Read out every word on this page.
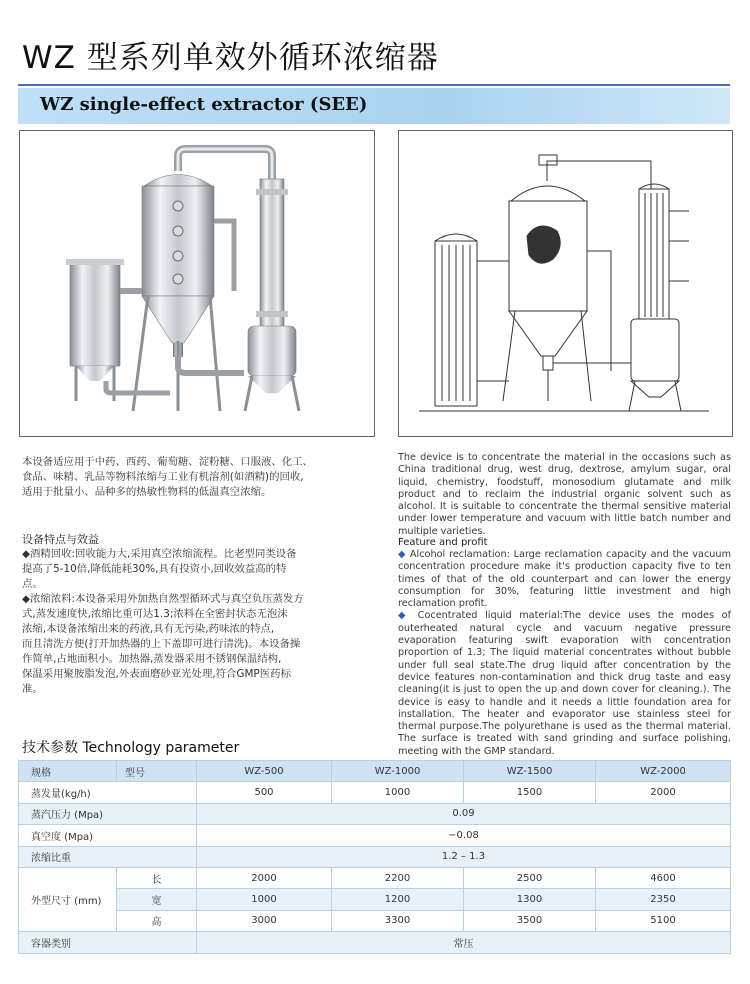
WZ 型系列单效外循环浓缩器
WZ single-effect extractor (SEE)

本设备适应用于中药、西药、葡萄糖、淀粉糖、口服液、化工、

食品、味精、乳品等物料浓缩与工业有机溶剂(如酒精)的回收,

适用于批量小、品种多的热敏性物料的低温真空浓缩。

设备特点与效益

◆酒精回收:回收能力大,采用真空浓缩流程。比老型同类设备

提高了5-10倍,降低能耗30%,具有投资小,回收效益高的特

点。

◆浓缩浓料:本设备采用外加热自然型循环式与真空负压蒸发方

式,蒸发速度快,浓缩比重可达1.3;浓料在全密封状态无泡沫

浓缩,本设备浓缩出来的药液,具有无污染,药味浓的特点,

而且清洗方便(打开加热器的上下盖即可进行清洗)。本设备操

作简单,占地面积小。加热器,蒸发器采用不锈钢保温结构,

保温采用聚胺脂发泡,外表面磨砂亚光处理,符合GMP医药标

准。

The device is to concentrate the material in the occasions such as China traditional drug, west drug, dextrose, amylum sugar, oral liquid, chemistry, foodstuff, monosodium glutamate and milk product and to reclaim the industrial organic solvent such as alcohol. It is suitable to concentrate the thermal sensitive material under lower temperature and vacuum with little batch number and multiple varieties.

Feature and profit

◆ Alcohol reclamation: Large reclamation capacity and the vacuum concentration procedure make it's production capacity five to ten times of that of the old counterpart and can lower the energy consumption for 30%, featuring little investment and high reclamation profit.

◆ Cocentrated liquid material:The device uses the modes of outerheated natural cycle and vacuum negative pressure evaporation featuring swift evaporation with concentration proportion of 1.3; The liquid material concentrates without bubble under full seal state.The drug liquid after concentration by the device features non-contamination and thick drug taste and easy cleaning(it is just to open the up and down cover for cleaning.). The device is easy to handle and it needs a little foundation area for installation. The heater and evaporator use stainless steel for thermal purpose.The polyurethane is used as the thermal material. The surface is treated with sand grinding and surface polishing, meeting with the GMP standard.

技术参数 Technology parameter
规格	型号	WZ-500	WZ-1000	WZ-1500	WZ-2000
蒸发量(kg/h)		500	1000	1500	2000
蒸汽压力 (Mpa)		0.09			
真空度 (Mpa)		−0.08			
浓缩比重		1.2 – 1.3			
外型尺寸 (mm)	长	2000	2200	2500	4600
	宽	1000	1200	1300	2350
	高	3000	3300	3500	5100
容器类别		常压			
